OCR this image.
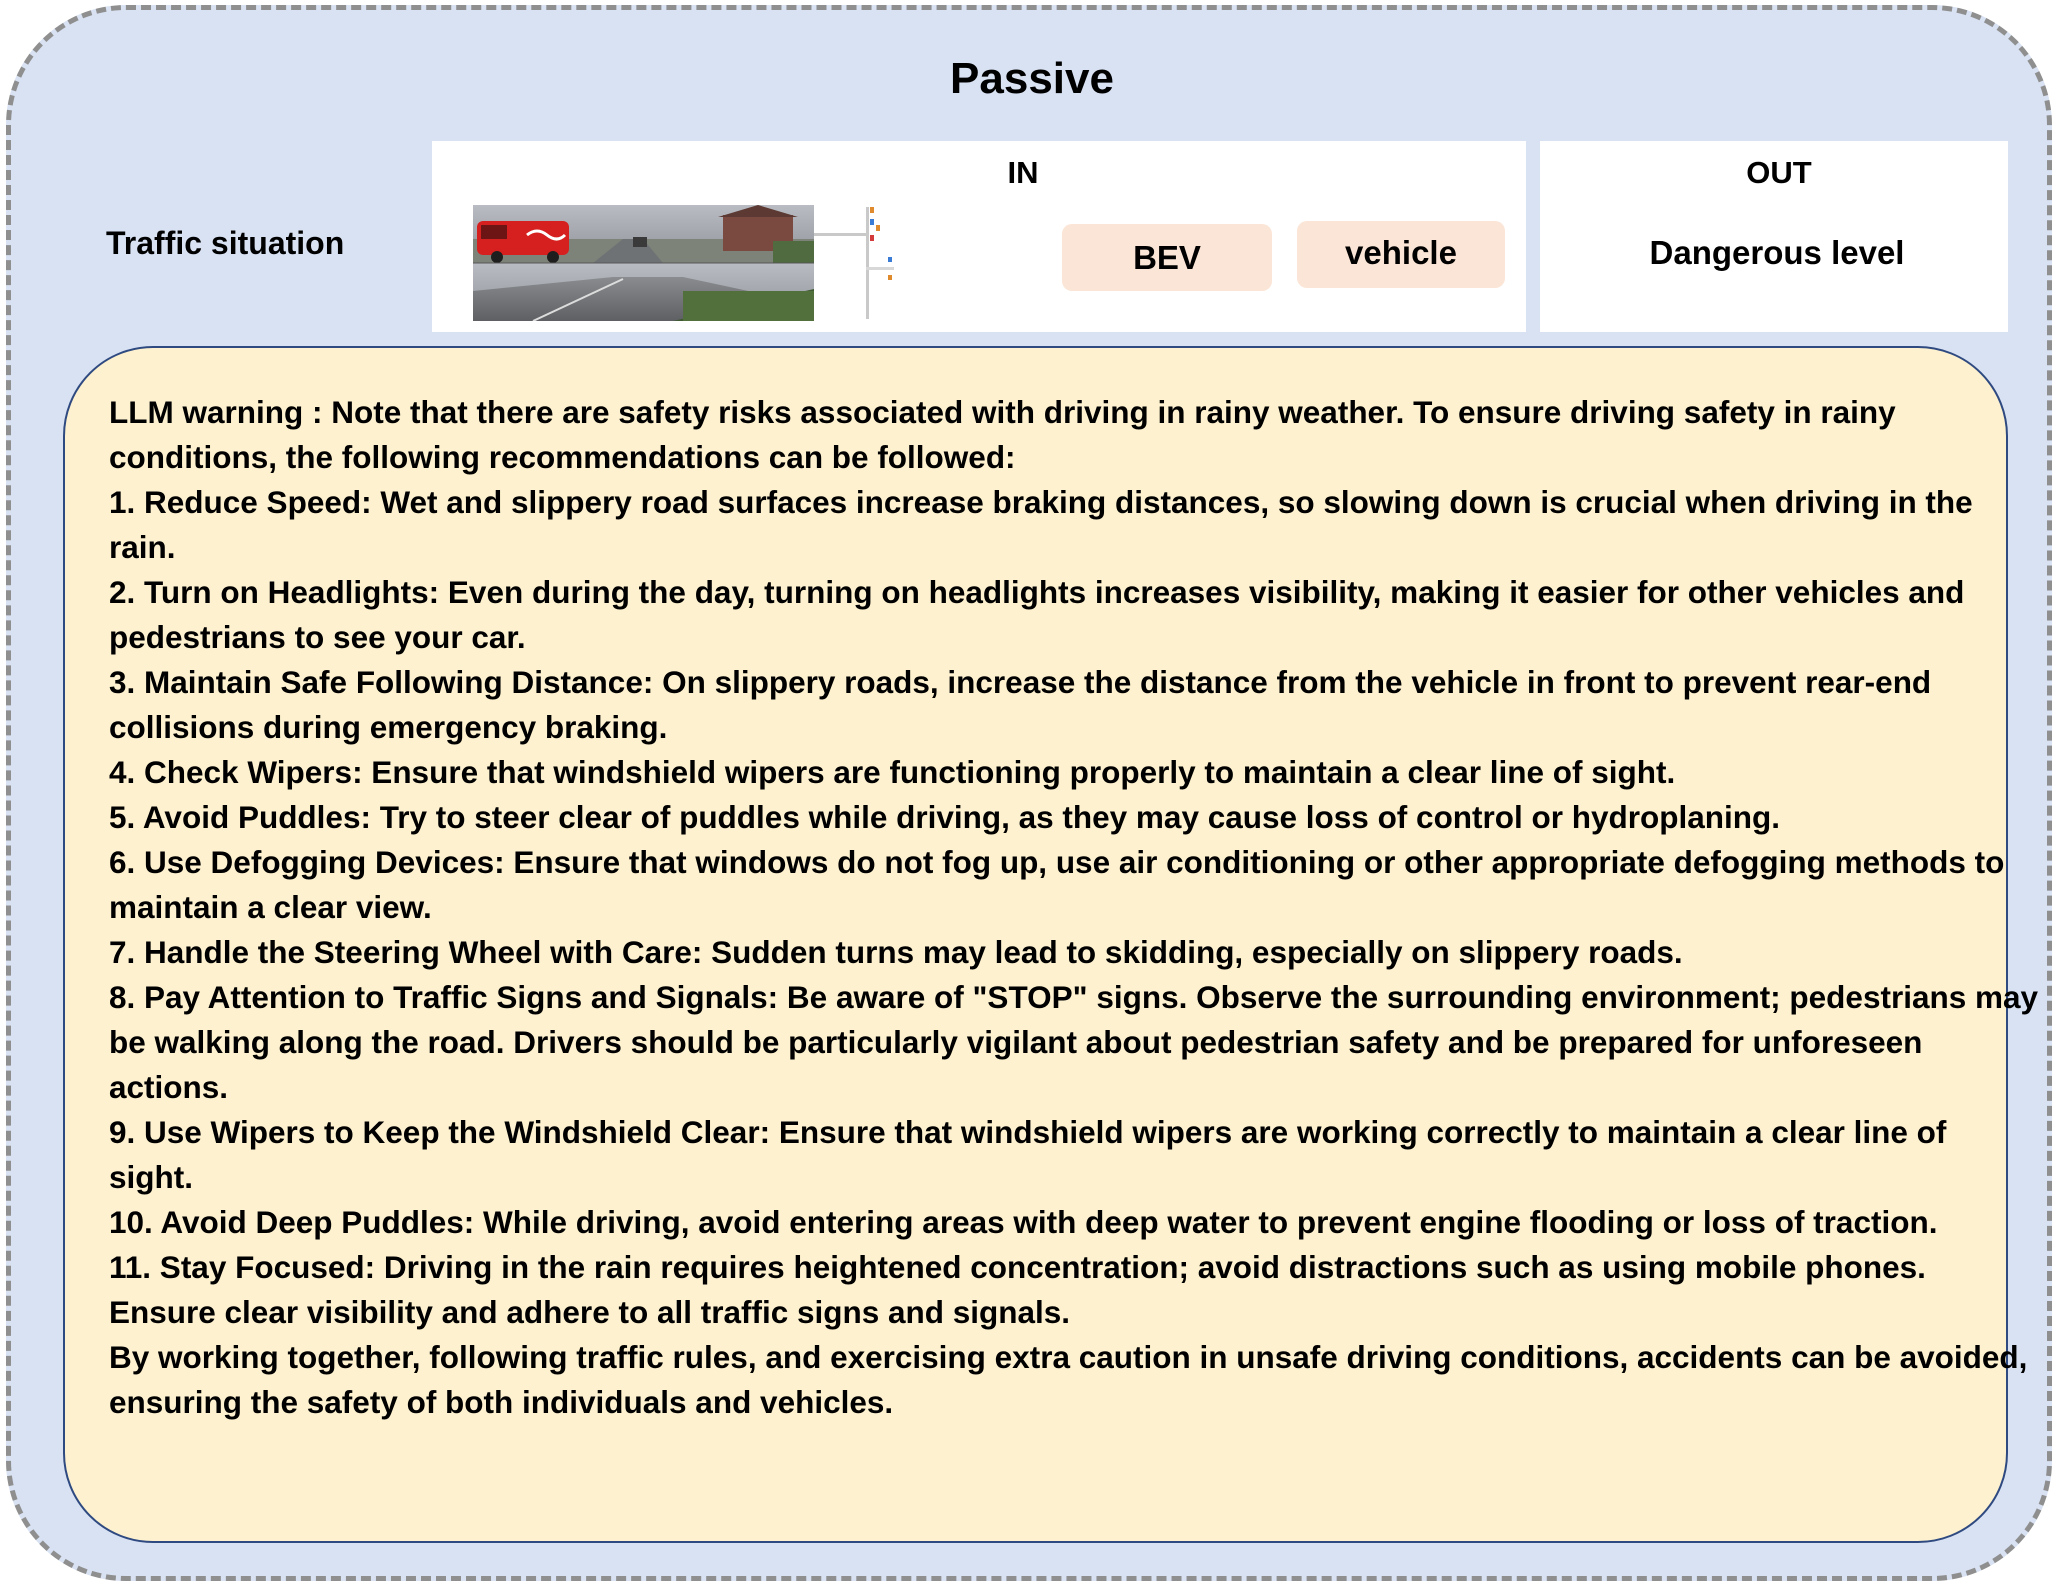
Passive
Traffic situation
IN
BEV	vehicle
OUT
Dangerous level
LLM warning : Note that there are safety risks associated with driving in rainy weather. To ensure driving safety in rainy conditions, the following recommendations can be followed:
1. Reduce Speed: Wet and slippery road surfaces increase braking distances, so slowing down is crucial when driving in the rain.
2. Turn on Headlights: Even during the day, turning on headlights increases visibility, making it easier for other vehicles and pedestrians to see your car.
3. Maintain Safe Following Distance: On slippery roads, increase the distance from the vehicle in front to prevent rear-end collisions during emergency braking.
4. Check Wipers: Ensure that windshield wipers are functioning properly to maintain a clear line of sight.
5. Avoid Puddles: Try to steer clear of puddles while driving, as they may cause loss of control or hydroplaning.
6. Use Defogging Devices: Ensure that windows do not fog up, use air conditioning or other appropriate defogging methods to maintain a clear view.
7. Handle the Steering Wheel with Care: Sudden turns may lead to skidding, especially on slippery roads.
8. Pay Attention to Traffic Signs and Signals: Be aware of "STOP" signs. Observe the surrounding environment; pedestrians may be walking along the road. Drivers should be particularly vigilant about pedestrian safety and be prepared for unforeseen actions.
9. Use Wipers to Keep the Windshield Clear: Ensure that windshield wipers are working correctly to maintain a clear line of sight.
10. Avoid Deep Puddles: While driving, avoid entering areas with deep water to prevent engine flooding or loss of traction.
11. Stay Focused: Driving in the rain requires heightened concentration; avoid distractions such as using mobile phones. Ensure clear visibility and adhere to all traffic signs and signals.
By working together, following traffic rules, and exercising extra caution in unsafe driving conditions, accidents can be avoided, ensuring the safety of both individuals and vehicles.
